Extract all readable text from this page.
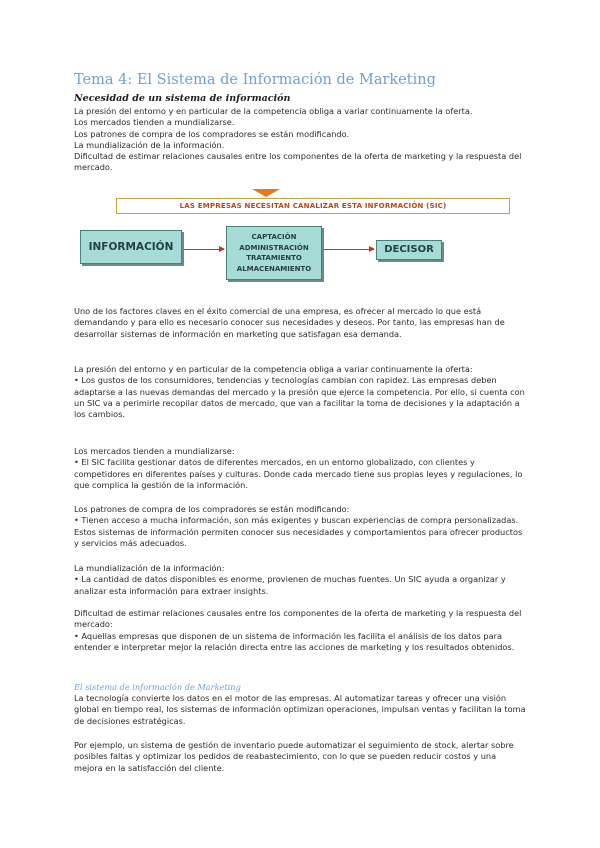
Tema 4: El Sistema de Información de Marketing
Necesidad de un sistema de información

La presión del entorno y en particular de la competencia obliga a variar continuamente la oferta.

Los mercados tienden a mundializarse.

Los patrones de compra de los compradores se están modificando.

La mundialización de la información.

Dificultad de estimar relaciones causales entre los componentes de la oferta de marketing y la respuesta del mercado.

LAS EMPRESAS NECESITAN CANALIZAR ESTA INFORMACIÓN (SIC)
INFORMACIÓN
CAPTACIÓN
ADMINISTRACIÓN
TRATAMIENTO
ALMACENAMIENTO
DECISOR
Uno de los factores claves en el éxito comercial de una empresa, es ofrecer al mercado lo que está demandando y para ello es necesario conocer sus necesidades y deseos. Por tanto, las empresas han de desarrollar sistemas de información en marketing que satisfagan esa demanda.

La presión del entorno y en particular de la competencia obliga a variar continuamente la oferta:

• Los gustos de los consumidores, tendencias y tecnologías cambian con rapidez. Las empresas deben adaptarse a las nuevas demandas del mercado y la presión que ejerce la competencia. Por ello, si cuenta con un SIC va a perimirle recopilar datos de mercado, que van a facilitar la toma de decisiones y la adaptación a los cambios.

Los mercados tienden a mundializarse:

• El SIC facilita gestionar datos de diferentes mercados, en un entorno globalizado, con clientes y competidores en diferentes países y culturas. Donde cada mercado tiene sus propias leyes y regulaciones, lo que complica la gestión de la información.

Los patrones de compra de los compradores se están modificando:

• Tienen acceso a mucha información, son más exigentes y buscan experiencias de compra personalizadas. Estos sistemas de información permiten conocer sus necesidades y comportamientos para ofrecer productos y servicios más adecuados.

La mundialización de la información:

• La cantidad de datos disponibles es enorme, provienen de muchas fuentes. Un SIC ayuda a organizar y analizar esta información para extraer insights.

Dificultad de estimar relaciones causales entre los componentes de la oferta de marketing y la respuesta del mercado:

• Aquellas empresas que disponen de un sistema de información les facilita el análisis de los datos para entender e interpretar mejor la relación directa entre las acciones de marketing y los resultados obtenidos.

El sistema de información de Marketing
La tecnología convierte los datos en el motor de las empresas. Al automatizar tareas y ofrecer una visión global en tiempo real, los sistemas de información optimizan operaciones, impulsan ventas y facilitan la toma de decisiones estratégicas.
Por ejemplo, un sistema de gestión de inventario puede automatizar el seguimiento de stock, alertar sobre posibles faltas y optimizar los pedidos de reabastecimiento, con lo que se pueden reducir costos y una mejora en la satisfacción del cliente.
